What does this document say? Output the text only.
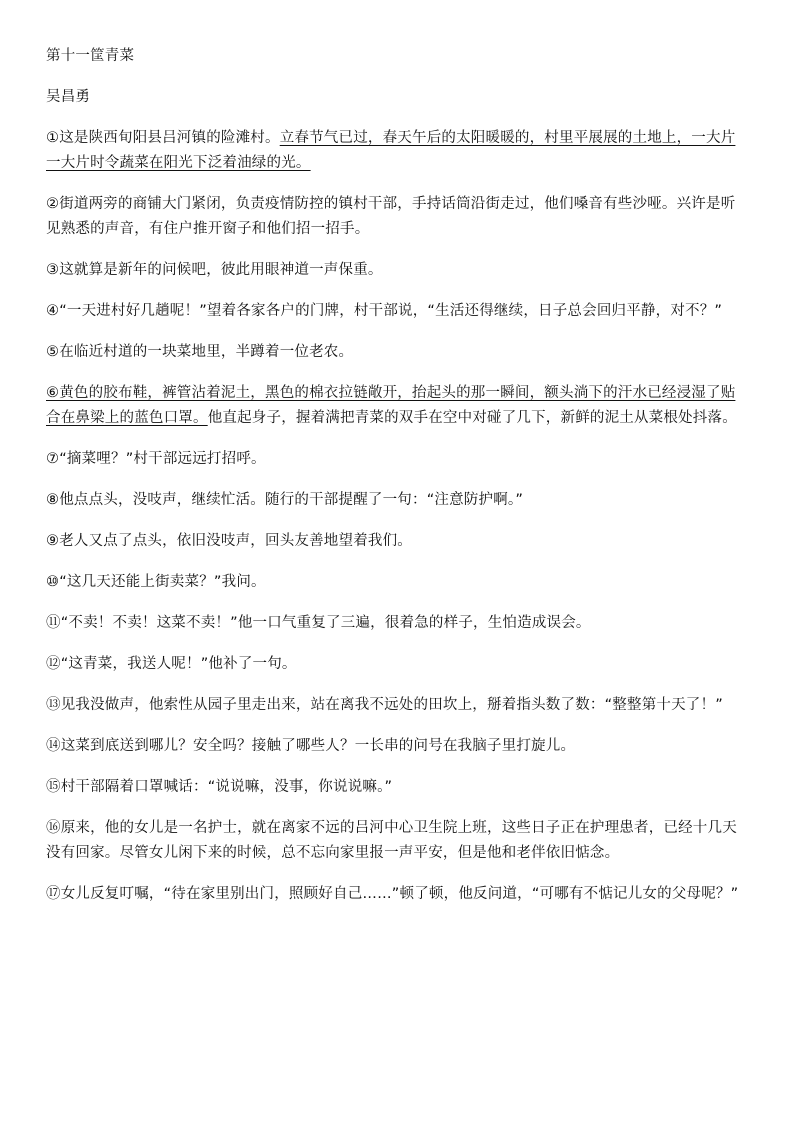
第十一筐青菜

吴昌勇

①这是陕西旬阳县吕河镇的险滩村。立春节气已过，春天午后的太阳暖暖的，村里平展展的土地上，一大片一大片时令蔬菜在阳光下泛着油绿的光。

②街道两旁的商铺大门紧闭，负责疫情防控的镇村干部，手持话筒沿街走过，他们嗓音有些沙哑。兴许是听见熟悉的声音，有住户推开窗子和他们招一招手。

③这就算是新年的问候吧，彼此用眼神道一声保重。

④“一天进村好几趟呢！”望着各家各户的门牌，村干部说，“生活还得继续，日子总会回归平静，对不？”

⑤在临近村道的一块菜地里，半蹲着一位老农。

⑥黄色的胶布鞋，裤管沾着泥土，黑色的棉衣拉链敞开，抬起头的那一瞬间，额头淌下的汗水已经浸湿了贴合在鼻梁上的蓝色口罩。他直起身子，握着满把青菜的双手在空中对碰了几下，新鲜的泥土从菜根处抖落。

⑦“摘菜哩？”村干部远远打招呼。

⑧他点点头，没吱声，继续忙活。随行的干部提醒了一句：“注意防护啊。”

⑨老人又点了点头，依旧没吱声，回头友善地望着我们。

⑩“这几天还能上街卖菜？”我问。

⑪“不卖！不卖！这菜不卖！”他一口气重复了三遍，很着急的样子，生怕造成误会。

⑫“这青菜，我送人呢！”他补了一句。

⑬见我没做声，他索性从园子里走出来，站在离我不远处的田坎上，掰着指头数了数：“整整第十天了！”

⑭这菜到底送到哪儿？安全吗？接触了哪些人？一长串的问号在我脑子里打旋儿。

⑮村干部隔着口罩喊话：“说说嘛，没事，你说说嘛。”

⑯原来，他的女儿是一名护士，就在离家不远的吕河中心卫生院上班，这些日子正在护理患者，已经十几天没有回家。尽管女儿闲下来的时候，总不忘向家里报一声平安，但是他和老伴依旧惦念。

⑰女儿反复叮嘱，“待在家里别出门，照顾好自己……”顿了顿，他反问道，“可哪有不惦记儿女的父母呢？”
